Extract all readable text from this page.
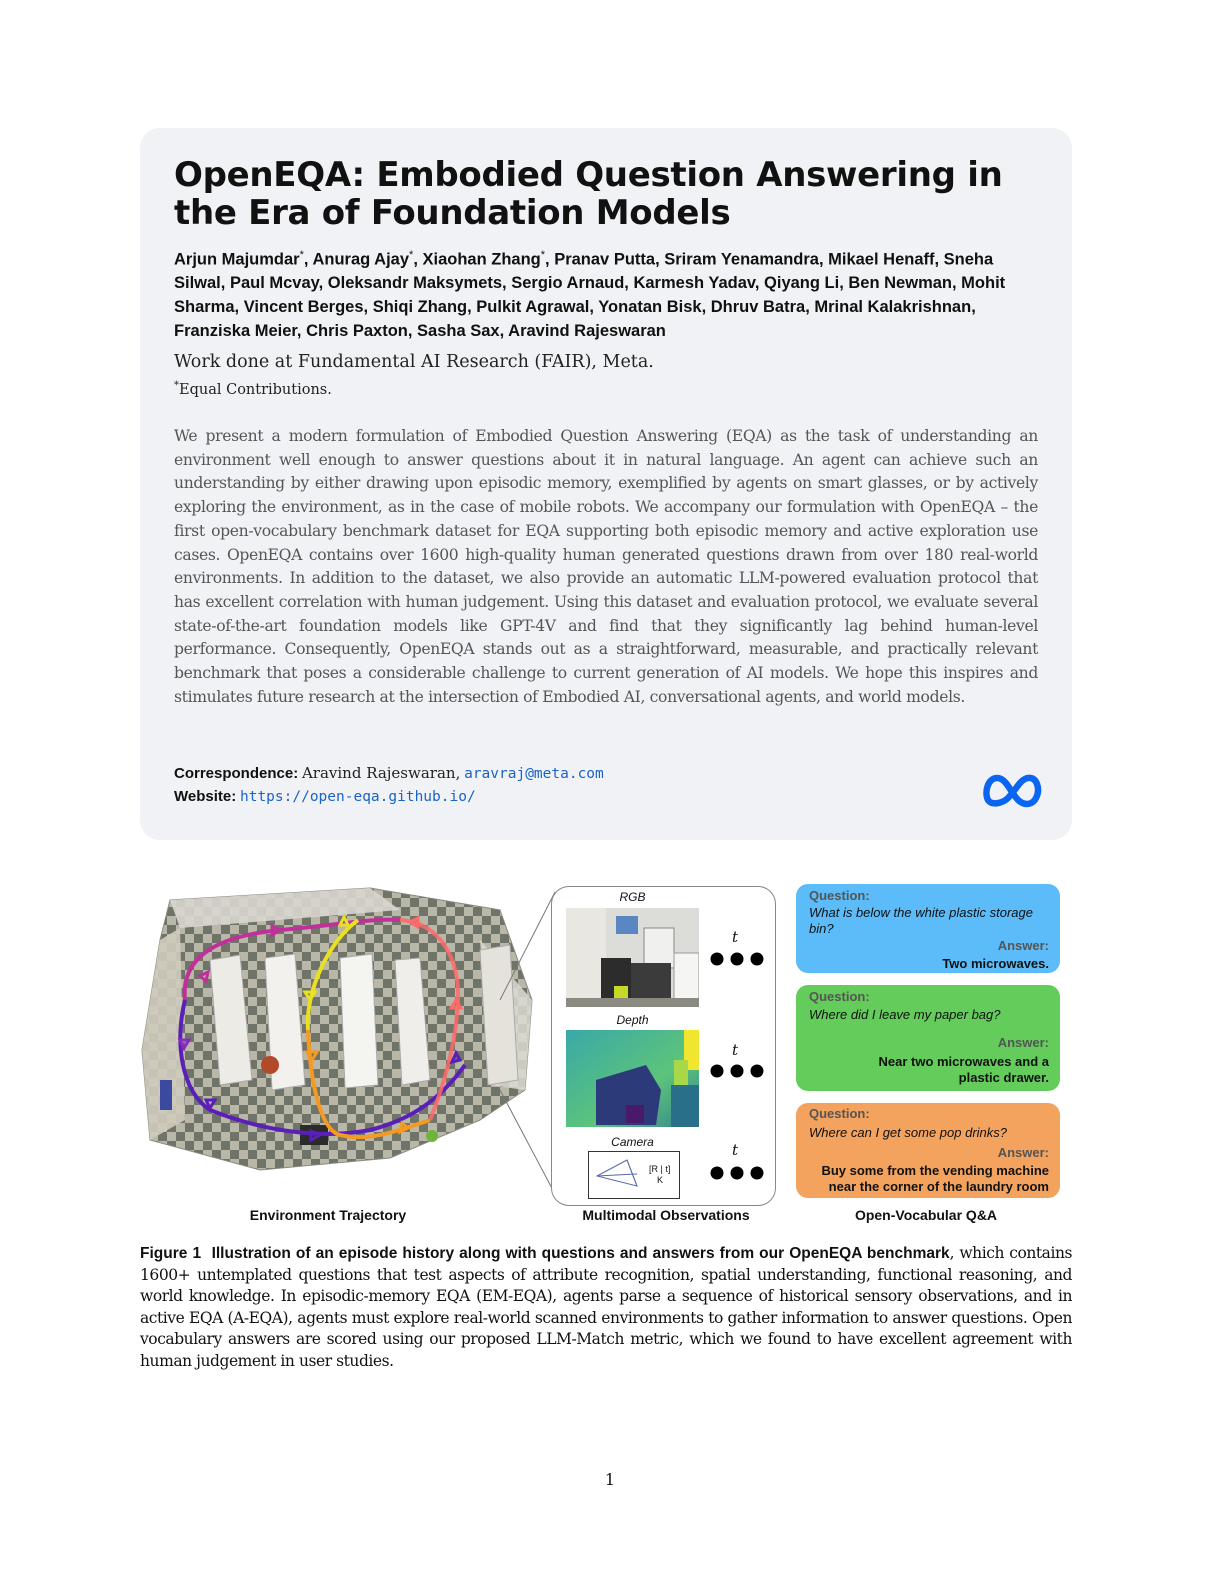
OpenEQA: Embodied Question Answering in the Era of Foundation Models
Arjun Majumdar*, Anurag Ajay*, Xiaohan Zhang*, Pranav Putta, Sriram Yenamandra, Mikael Henaff, Sneha Silwal, Paul Mcvay, Oleksandr Maksymets, Sergio Arnaud, Karmesh Yadav, Qiyang Li, Ben Newman, Mohit Sharma, Vincent Berges, Shiqi Zhang, Pulkit Agrawal, Yonatan Bisk, Dhruv Batra, Mrinal Kalakrishnan, Franziska Meier, Chris Paxton, Sasha Sax, Aravind Rajeswaran
Work done at Fundamental AI Research (FAIR), Meta.
*Equal Contributions.

We present a modern formulation of Embodied Question Answering (EQA) as the task of understanding an environment well enough to answer questions about it in natural language. An agent can achieve such an understanding by either drawing upon episodic memory, exemplified by agents on smart glasses, or by actively exploring the environment, as in the case of mobile robots. We accompany our formulation with OpenEQA – the first open-vocabulary benchmark dataset for EQA supporting both episodic memory and active exploration use cases. OpenEQA contains over 1600 high-quality human generated questions drawn from over 180 real-world environments. In addition to the dataset, we also provide an automatic LLM-powered evaluation protocol that has excellent correlation with human judgement. Using this dataset and evaluation protocol, we evaluate several state-of-the-art foundation models like GPT-4V and find that they significantly lag behind human-level performance. Consequently, OpenEQA stands out as a straightforward, measurable, and practically relevant benchmark that poses a considerable challenge to current generation of AI models. We hope this inspires and stimulates future research at the intersection of Embodied AI, conversational agents, and world models.

Correspondence: Aravind Rajeswaran, aravraj@meta.com
Website: https://open-eqa.github.io/
RGB
t
Depth
t
Camera
[R | t]
K
t
Question:
What is below the white plastic storage bin?
Answer:
Two microwaves.
Question:
Where did I leave my paper bag?
Answer:
Near two microwaves and a plastic drawer.
Question:
Where can I get some pop drinks?
Answer:
Buy some from the vending machine near the corner of the laundry room
Environment Trajectory	Multimodal Observations	Open-Vocabular Q&A

Figure 1 Illustration of an episode history along with questions and answers from our OpenEQA benchmark, which contains 1600+ untemplated questions that test aspects of attribute recognition, spatial understanding, functional reasoning, and world knowledge. In episodic-memory EQA (EM-EQA), agents parse a sequence of historical sensory observations, and in active EQA (A-EQA), agents must explore real-world scanned environments to gather information to answer questions. Open vocabulary answers are scored using our proposed LLM-Match metric, which we found to have excellent agreement with human judgement in user studies.

1
